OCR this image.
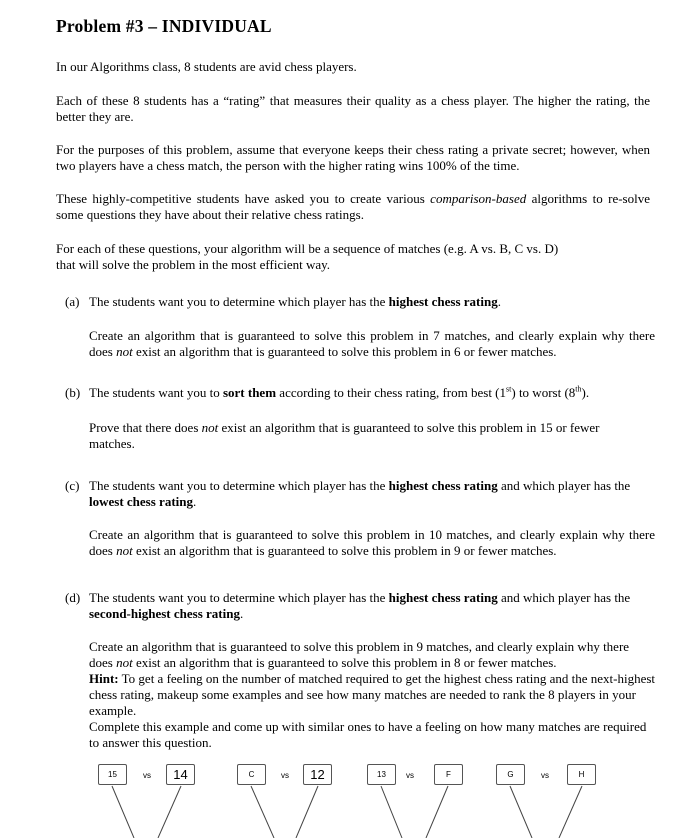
Problem #3 – INDIVIDUAL
In our Algorithms class, 8 students are avid chess players.
Each of these 8 students has a “rating” that measures their quality as a chess player. The higher the rating, the better they are.
For the purposes of this problem, assume that everyone keeps their chess rating a private secret; however, when two players have a chess match, the person with the higher rating wins 100% of the time.
These highly-competitive students have asked you to create various comparison-based algorithms to re-solve some questions they have about their relative chess ratings.
For each of these questions, your algorithm will be a sequence of matches (e.g. A vs. B, C vs. D)
that will solve the problem in the most efficient way.
(a) The students want you to determine which player has the highest chess rating.
Create an algorithm that is guaranteed to solve this problem in 7 matches, and clearly explain why there does not exist an algorithm that is guaranteed to solve this problem in 6 or fewer matches.
(b) The students want you to sort them according to their chess rating, from best (1st) to worst (8th).
Prove that there does not exist an algorithm that is guaranteed to solve this problem in 15 or fewer matches.
(c) The students want you to determine which player has the highest chess rating and which player has the lowest chess rating.
Create an algorithm that is guaranteed to solve this problem in 10 matches, and clearly explain why there does not exist an algorithm that is guaranteed to solve this problem in 9 or fewer matches.
(d) The students want you to determine which player has the highest chess rating and which player has the second-highest chess rating.
Create an algorithm that is guaranteed to solve this problem in 9 matches, and clearly explain why there does not exist an algorithm that is guaranteed to solve this problem in 8 or fewer matches.
Hint: To get a feeling on the number of matched required to get the highest chess rating and the next-highest chess rating, makeup some examples and see how many matches are needed to rank the 8 players in your example.
Complete this example and come up with similar ones to have a feeling on how many matches are required to answer this question.
15	vs	14	C	vs	12	13	vs	F	G	vs	H
